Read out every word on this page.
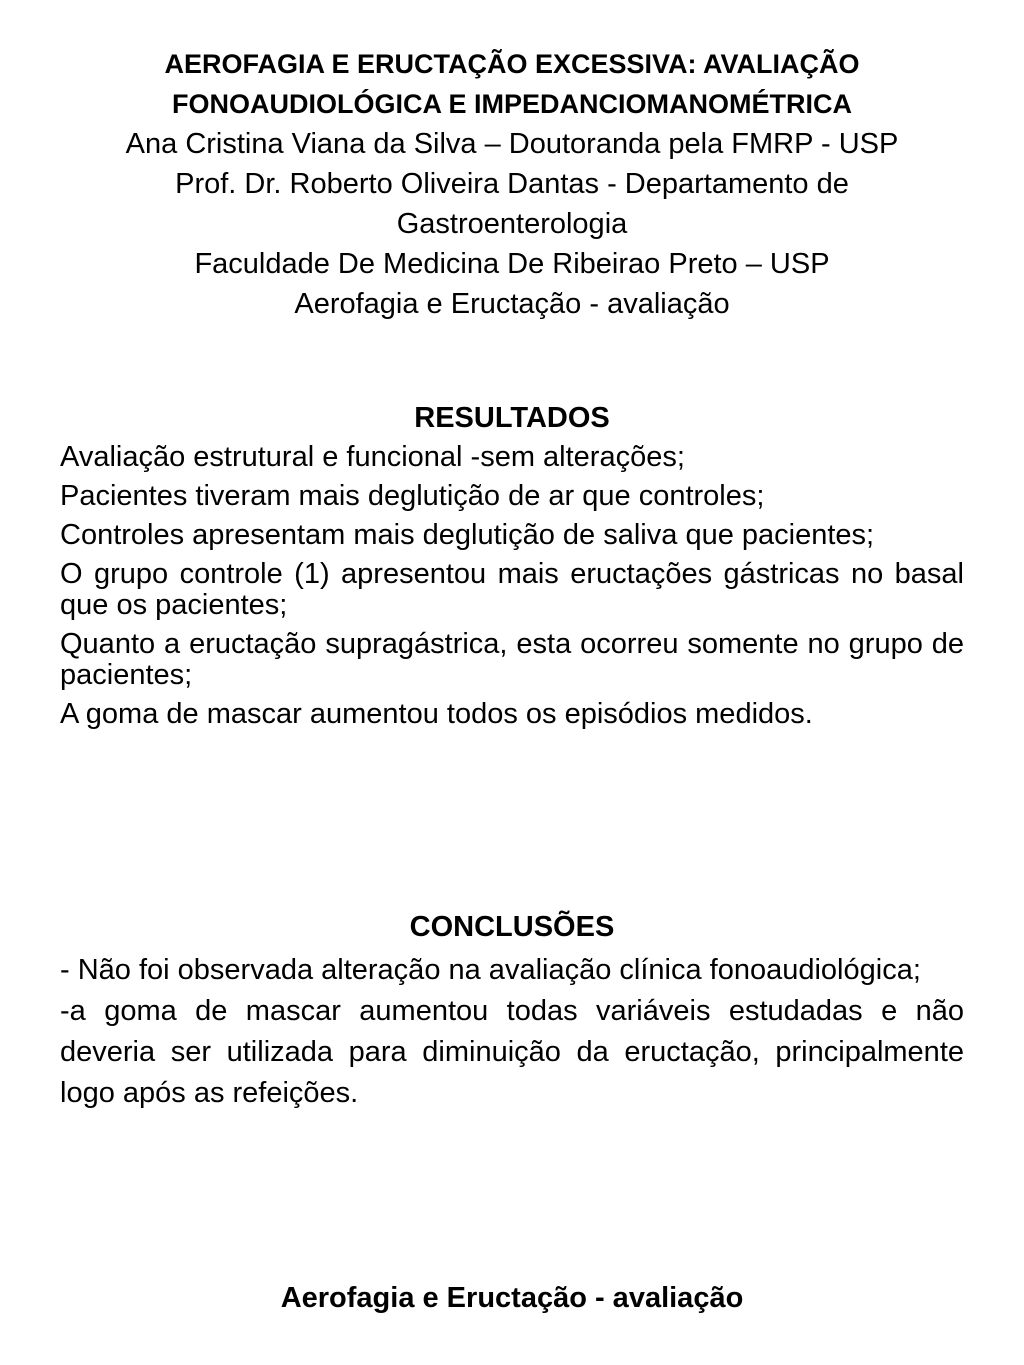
AEROFAGIA E ERUCTAÇÃO EXCESSIVA: AVALIAÇÃO
FONOAUDIOLÓGICA E IMPEDANCIOMANOMÉTRICA
Ana Cristina Viana da Silva – Doutoranda pela FMRP - USP
Prof. Dr. Roberto Oliveira Dantas - Departamento de
Gastroenterologia
Faculdade De Medicina De Ribeirao Preto – USP
Aerofagia e Eructação - avaliação
RESULTADOS
Avaliação estrutural e funcional -sem alterações;
Pacientes tiveram mais deglutição de ar que controles;
Controles apresentam mais deglutição de saliva que pacientes;
O grupo controle (1) apresentou mais eructações gástricas no basal que os pacientes;
Quanto a eructação supragástrica, esta ocorreu somente no grupo de pacientes;
A goma de mascar aumentou todos os episódios medidos.
CONCLUSÕES
- Não foi observada alteração na avaliação clínica fonoaudiológica;
-a goma de mascar aumentou todas variáveis estudadas e não deveria ser utilizada para diminuição da eructação, principalmente logo após as refeições.
Aerofagia e Eructação - avaliação
